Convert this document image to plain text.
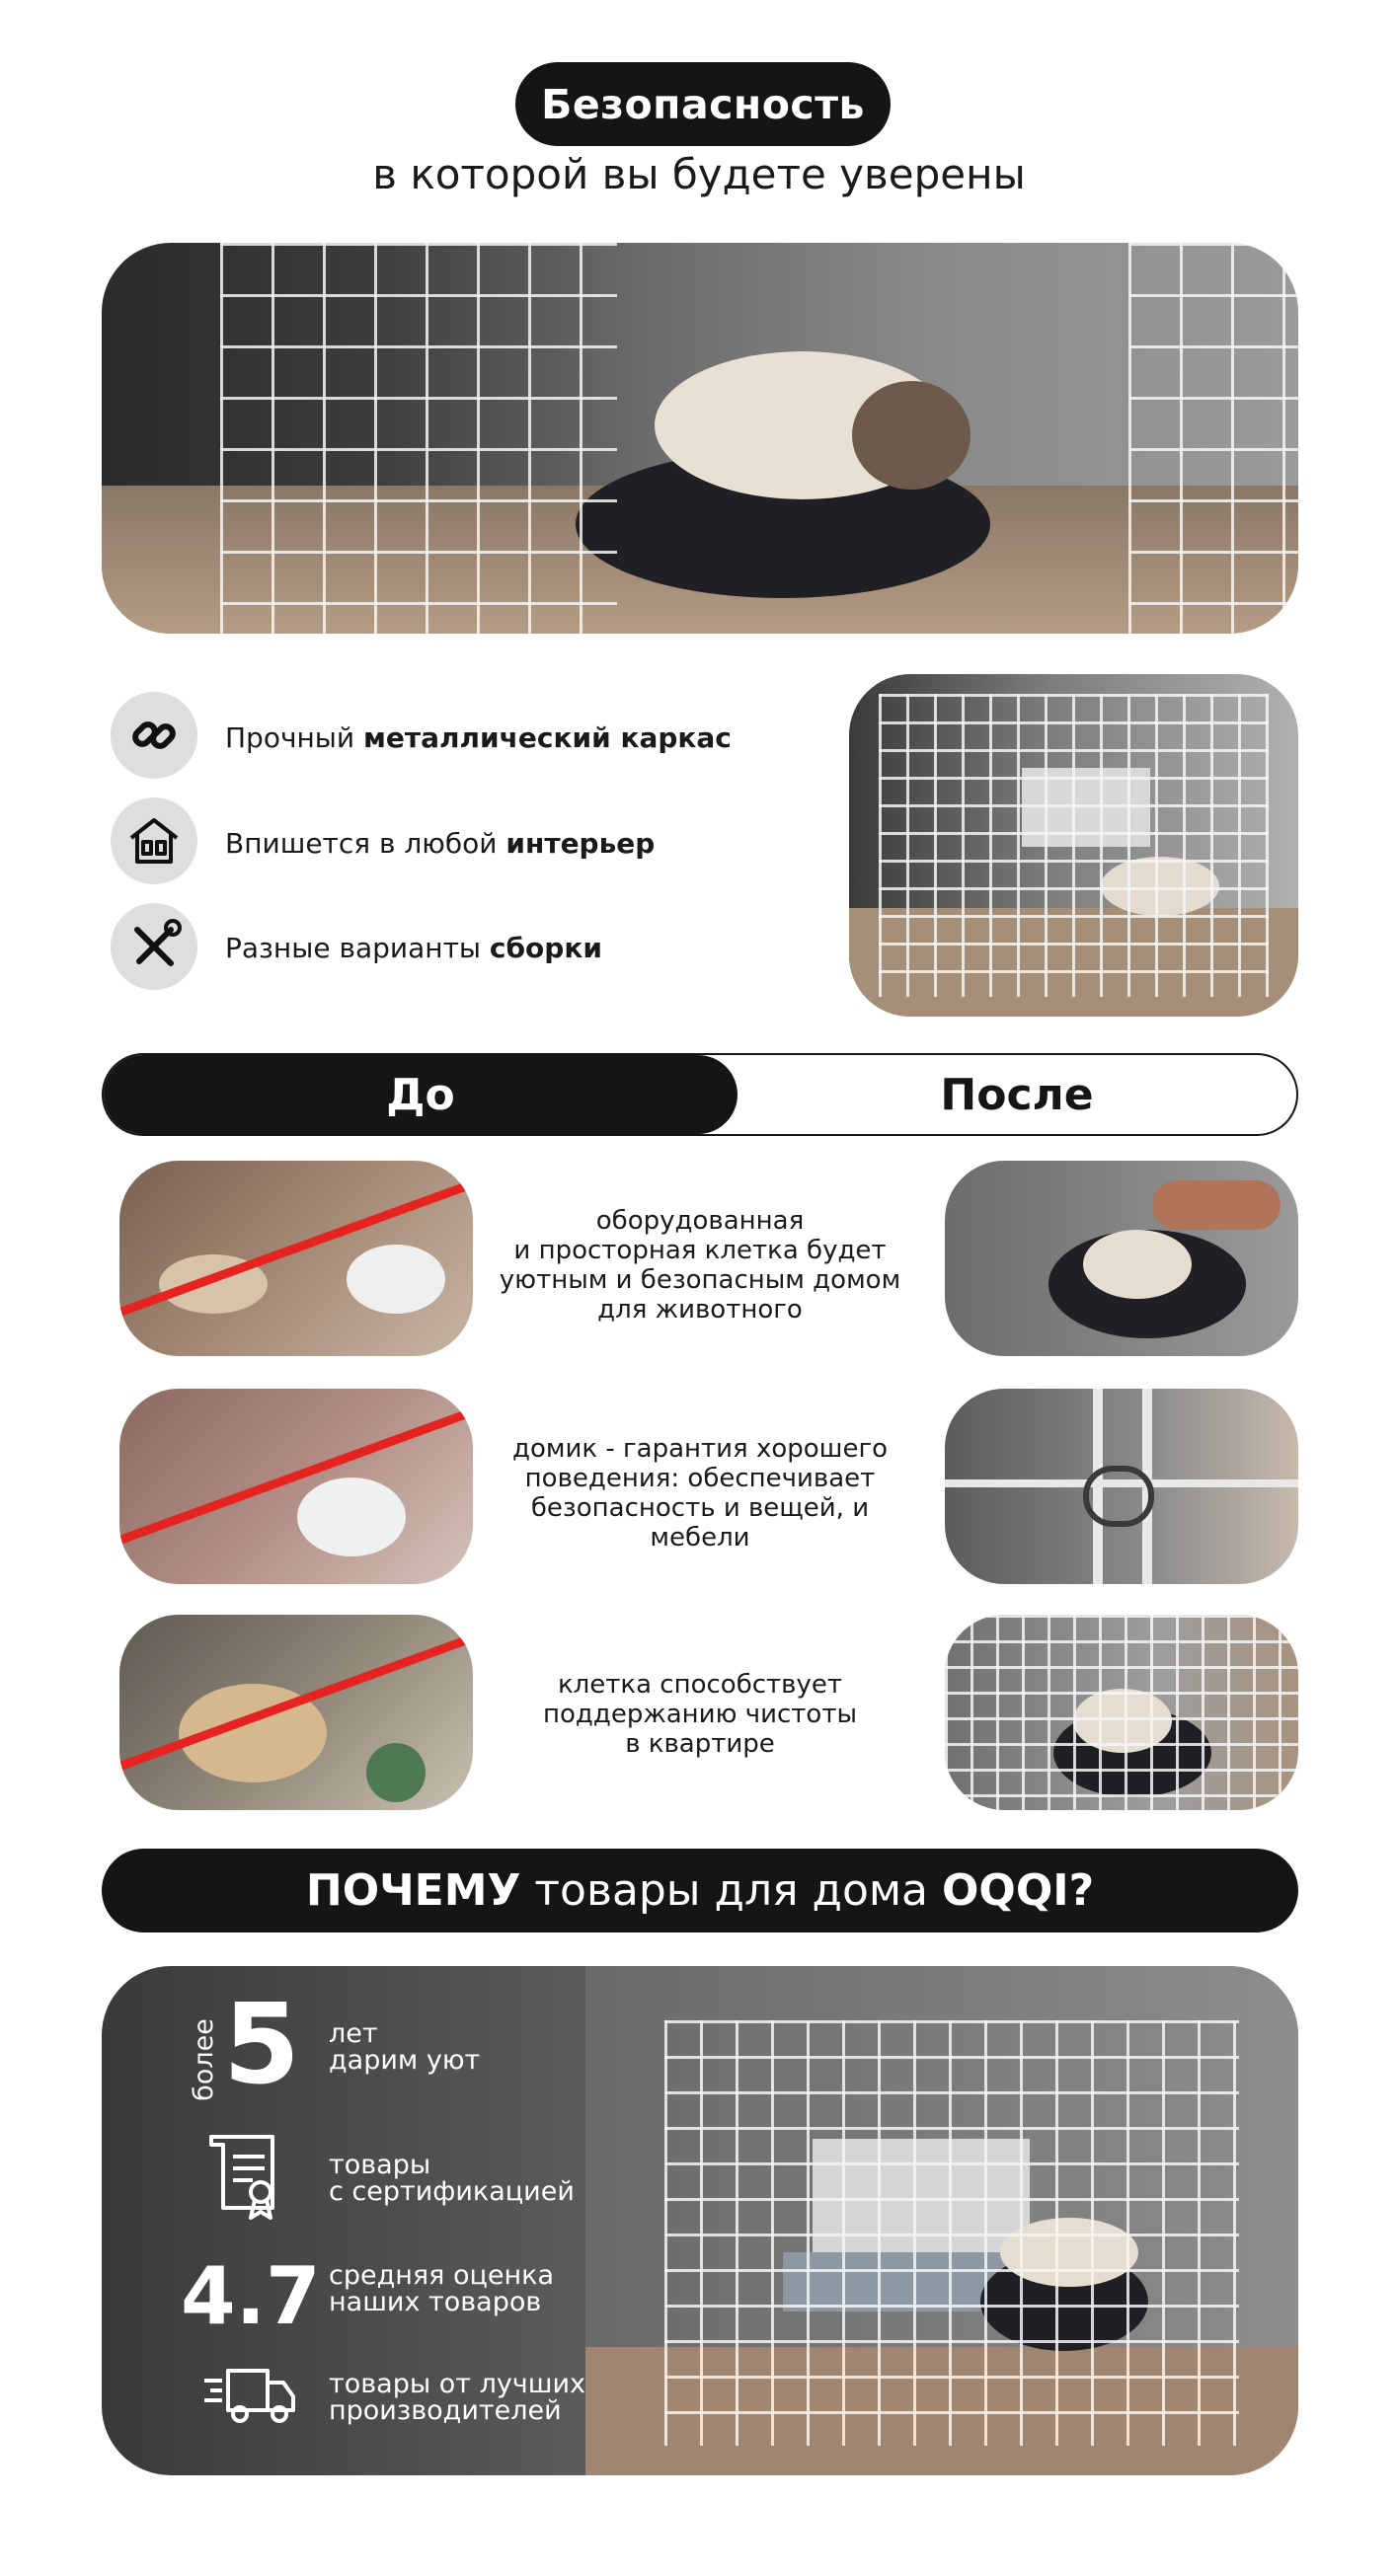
Безопасность
в которой вы будете уверены
Прочный металлический каркас
Впишется в любой интерьер
Разные варианты сборки
До	После
оборудованная
и просторная клетка будет
уютным и безопасным домом
для животного
домик - гарантия хорошего
поведения: обеспечивает
безопасность и вещей, и
мебели
клетка способствует
поддержанию чистоты
в квартире
ПОЧЕМУ товары для дома OQQI?
более 5 лет
дарим уют
товары
с сертификацией
4.7 средняя оценка
наших товаров
товары от лучших
производителей
